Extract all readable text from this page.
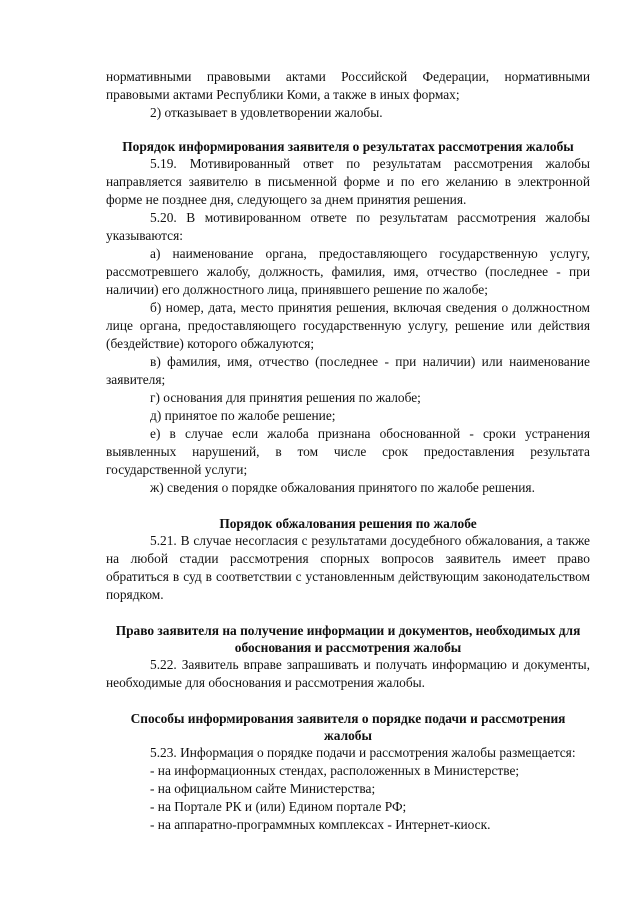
нормативными правовыми актами Российской Федерации, нормативными правовыми актами Республики Коми, а также в иных формах;

2) отказывает в удовлетворении жалобы.

Порядок информирования заявителя о результатах рассмотрения жалобы

5.19. Мотивированный ответ по результатам рассмотрения жалобы направляется заявителю в письменной форме и по его желанию в электронной форме не позднее дня, следующего за днем принятия решения.

5.20. В мотивированном ответе по результатам рассмотрения жалобы указываются:

а) наименование органа, предоставляющего государственную услугу, рассмотревшего жалобу, должность, фамилия, имя, отчество (последнее - при наличии) его должностного лица, принявшего решение по жалобе;

б) номер, дата, место принятия решения, включая сведения о должностном лице органа, предоставляющего государственную услугу, решение или действия (бездействие) которого обжалуются;

в) фамилия, имя, отчество (последнее - при наличии) или наименование заявителя;

г) основания для принятия решения по жалобе;

д) принятое по жалобе решение;

е) в случае если жалоба признана обоснованной - сроки устранения выявленных нарушений, в том числе срок предоставления результата государственной услуги;

ж) сведения о порядке обжалования принятого по жалобе решения.

Порядок обжалования решения по жалобе

5.21. В случае несогласия с результатами досудебного обжалования, а также на любой стадии рассмотрения спорных вопросов заявитель имеет право обратиться в суд в соответствии с установленным действующим законодательством порядком.

Право заявителя на получение информации и документов, необходимых для обоснования и рассмотрения жалобы

5.22. Заявитель вправе запрашивать и получать информацию и документы, необходимые для обоснования и рассмотрения жалобы.

Способы информирования заявителя о порядке подачи и рассмотрения жалобы

5.23. Информация о порядке подачи и рассмотрения жалобы размещается:

- на информационных стендах, расположенных в Министерстве;
- на официальном сайте Министерства;
- на Портале РК и (или) Едином портале РФ;
- на аппаратно-программных комплексах - Интернет-киоск.
